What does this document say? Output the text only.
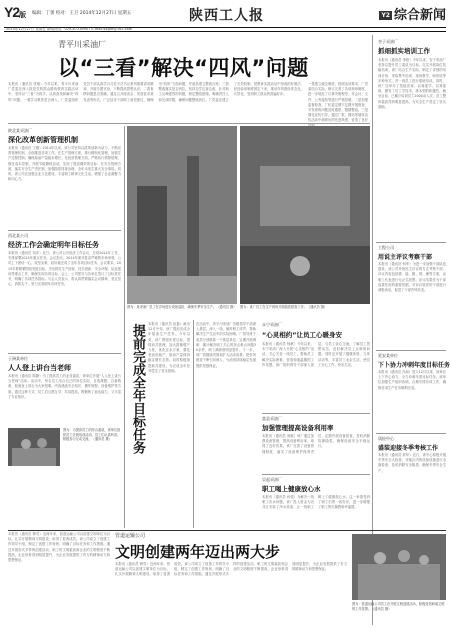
Y2版 编辑：丁蕾 校对：王卫 2014年12月27日 星期五	陕西工人报	Y2 综合新闻
2014年12月27日 星期五 新闻热线：029-87316907 E-mail:sxgrb@163.com
青平川采油厂
以“三看”解决“四风”问题
本报讯（通讯员 张敏）今年以来，青平川采油厂党委在深入推进党的群众路线教育实践活动中，坚持以“三看”为抓手，认真查找和解决“四风”问题。一看学习教育是否深入，厂党委组织党员干部认真学习习近平总书记系列重要讲话精神，开展专题讨论，不断提高思想认识；二看查摆问题是否准确，通过召开座谈会、发放征求意见表等形式，广泛征求干部职工意见建议，梳理出“四风”方面问题，并逐条建立整改台账；三看整改落实是否到位，坚持边学边查边改，针对职工反映强烈的问题，制定整改措施，明确责任人和完成时限，确保问题整改到位。厂党委还建立了长效机制，把教育实践活动中形成的好做法、好经验用制度固定下来，推动作风建设常态化、长效化，受到职工群众的普遍好评。
一是建立健全制度。按照活动要求，厂党委结合实际，修订完善了各项规章制度，进一步规范了议事决策程序，对会议、文件、公务接待等进行严格控制。二是加强监督检查。厂纪委定期不定期开展督查，对发现的问题及时通报、限期整改。三是强化宣传引导，通过厂报、网站等载体宣传活动中涌现出的先进典型，营造了良好
杏子采油厂
抓细抓实培训工作
本报讯（通讯员 李艳）今年以来，杏子采油厂坚持以提升员工素质为目标，扎实开展岗位技能培训。该厂结合生产实际，制定了详细的培训计划，采取集中培训、现场教学、师带徒等多种形式，对一线员工进行系统培训。同时，该厂还举办了技能竞赛，以赛促学、以赛促练，激发了员工学技术、练本领的积极性。截至目前，已累计培训员工2000余人次，员工整体素质得到明显提高，为安全生产奠定了坚实基础。
陕北某采油厂
深化改革创新管理机制
本报讯（通讯员 王刚）2014年以来，该公司坚持以改革创新为动力，不断完善管理机制，全面推进各项工作。在生产管理方面，推行精细化管理，加强生产过程控制，确保原油产量稳步增长；在经营管理方面，严格执行预算管理，强化成本控制，开展节能降耗活动，实现了提质增效的目标；在安全管理方面，落实安全生产责任制，加强隐患排查治理，全年未发生重大安全事故。同时，该公司还加强企业文化建设，丰富职工精神文化生活，增强了企业凝聚力和向心力。
西北某公司
经济工作会确定明年目标任务
本报讯（通讯员 刘洋）近日，该公司召开经济工作会议，总结2014年工作，安排部署2015年重点任务。会议指出，2014年面对复杂严峻的市场形势，公司上下团结一心，攻坚克难，较好地完成了全年各项目标任务。会议要求，2015年要紧紧围绕发展目标，突出抓好生产经营、技术创新、安全环保、队伍建设等重点工作，确保实现各项目标。会上，公司领导与各单位签订了目标责任书，明确了各项任务指标。与会人员表示，将认真贯彻落实会议精神，坚定信心，真抓实干，努力完成明年各项任务。
子洲某单位
人人登上讲台当老师
本报讯（通讯员 陈静）为了提高员工的业务素质，该单位开展“人人登上讲台当老师”活动。活动中，每名员工结合自己的岗位实际，自选课题、自备教案，轮流登上讲台为大家授课，内容涵盖安全知识、操作规程、设备维护等方面。通过这种方式，员工们互教互学、共同提高，既锻炼了表达能力，又丰富了专业知识。
图为：为提高员工的综合素质，该单位组织员工开展培训活动，员工们认真听讲，积极参与互动交流。（通讯员 摄）
图为：某采油厂员工在井场进行设备巡检，确保冬季安全生产。（通讯员 摄） 图为：该厂员工在生产现场开展隐患排查工作。（通讯员 摄）
提前完成全年目标任务 本报讯（通讯员 赵磊）截至12月中旬，该厂提前完成全年原油生产任务。今年以来，该厂围绕年度目标，狠抓油井管理，加大措施增产力度，优化注水方案，强化老油田稳产，原油产量保持稳定增长态势。同时积极推进新井建设，为完成全年任务奠定了坚实基础。
在活动中，青平川采油厂各级领导干部深入基层、深入一线，倾听职工呼声，帮助解决生产生活中的实际困难。厂领导班子成员分别联系一个基层单位，定期开展调研，累计解决职工关心的热点难点问题30余件，职工满意度明显提升。下一步，该厂将继续巩固和扩大活动成果，把作风建设不断引向深入，为油田持续稳定发展提供坚强保证。
永宁采油厂
“心灵相约”让员工心暖身安
本报讯（通讯员 杨帆）今年以来，永宁采油厂深入开展“心灵相约”活动，关心关爱一线员工，帮助员工解决实际困难，营造和谐温馨的工作氛围。该厂组织领导干部深入基层，与员工谈心交流，了解员工思想动态，及时解决员工反映的问题。同时还开展了健康体检、文体活动等，丰富员工业余生活，使员工安心工作、快乐生活。
富县采油厂
加强管理提高设备利用率
本报讯（通讯员 周敏）该厂通过加强设备管理，提高设备利用率，取得了良好效果。该厂完善了设备管理制度，落实了设备维护保养责任，定期开展设备检查，及时消除故障隐患，确保设备安全平稳运行。
吴起采油厂
职工喝上健康放心水
本报讯（通讯员 孙强）为解决一线职工饮水问题，该厂投入资金为各井区安装了净水设备，让一线职工喝上了健康放心水。这一举措受到了职工们的一致好评，进一步增强了职工的归属感和幸福感。
工程公司
用说主评议考察干部
本报讯（通讯员 何军）为进一步加强干部队伍建设，该公司采取民主评议的方式考察干部。评议内容包括德、能、勤、绩、廉等方面，由职工代表进行无记名投票。评议结果作为干部选拔任用的重要依据，对评议较差的干部进行诫勉谈话，促进了干部作风转变。
延安某单位
下卜协力冲刺年度目标任务
本报讯（通讯员 冯丽）进入12月以来，该单位上下齐心协力，全力冲刺年度目标任务。该单位加强生产组织协调，合理安排各项工作，确保各项生产任务顺利完成。
质检中心
盛装迎接冬季考核工作
本报讯（通讯员 郭华）近日，该中心积极开展冬季安全大检查，对辖区内的设备设施进行全面检查，及时消除安全隐患，确保冬季安全生产。
管道运输公司
文明创建两年迈出两大步
本报讯（通讯员 韩雪）近两年来，管道运输公司以创建文明单位为目标，扎实开展精神文明建设，取得了显著成效。该公司成立了创建工作领导小组，制定了创建工作规划，明确了目标任务和工作措施。通过开展形式多样的创建活动，职工的文明素质和企业的文明程度不断提高，企业形象得到明显提升，为企业发展提供了有力的精神动力和思想保证。
本报讯（通讯员 韩雪）近两年来，管道运输公司以创建文明单位为目标，扎实开展精神文明建设，取得了显著成效。该公司成立了创建工作领导小组，制定了创建工作规划，明确了目标任务和工作措施。通过开展形式多样的创建活动，职工的文明素质和企业的文明程度不断提高，企业形象得到明显提升，为企业发展提供了有力的精神动力和思想保证。
图为：管道运输公司员工在开展文明创建活动，积极营造和谐文明的工作氛围。（通讯员 摄）
